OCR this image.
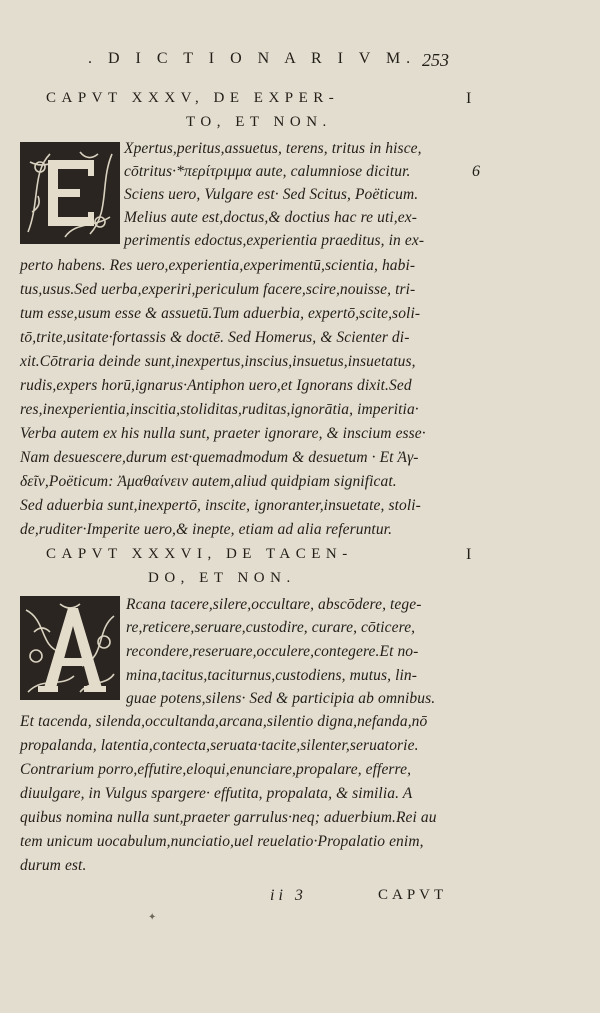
. D I C T I O N A R I V M. 253
CAPVT XXXV, DE EXPER-	I
TO, ET NON.
Xpertus,peritus,assuetus, terens, tritus in hisce,
cōtritus·*περίτριμμα aute, calumniose dicitur.	6
Sciens uero, Vulgare est· Sed Scitus, Poëticum.
Melius aute est,doctus,& doctius hac re uti,ex-
perimentis edoctus,experientia praeditus, in ex-
perto habens. Res uero,experientia,experimentū,scientia, habi-
tus,usus.Sed uerba,experiri,periculum facere,scire,nouisse, tri-
tum esse,usum esse & assuetū.Tum aduerbia, expertō,scite,soli-
tō,trite,usitate·fortassis & doctē. Sed Homerus, & Scienter di-
xit.Cōtraria deinde sunt,inexpertus,inscius,insuetus,insuetatus,
rudis,expers horū,ignarus·Antiphon uero,et Ignorans dixit.Sed
res,inexperientia,inscitia,stoliditas,ruditas,ignorātia, imperitia·
Verba autem ex his nulla sunt, praeter ignorare, & inscium esse·
Nam desuescere,durum est·quemadmodum & desuetum · Et Ἀγ-
δεῖν,Poëticum: Ἀμαθαίνειν autem,aliud quidpiam significat.
Sed aduerbia sunt,inexpertō, inscite, ignoranter,insuetate, stoli-
de,ruditer·Imperite uero,& inepte, etiam ad alia referuntur.
CAPVT XXXVI, DE TACEN-	I
DO, ET NON.
Rcana tacere,silere,occultare, abscōdere, tege-
re,reticere,seruare,custodire, curare, cōticere,
recondere,reseruare,occulere,contegere.Et no-
mina,tacitus,taciturnus,custodiens, mutus, lin-
guae potens,silens· Sed & participia ab omnibus.
Et tacenda, silenda,occultanda,arcana,silentio digna,nefanda,nō
propalanda, latentia,contecta,seruata·tacite,silenter,seruatorie.
Contrarium porro,effutire,eloqui,enunciare,propalare, efferre,
diuulgare, in Vulgus spargere· effutita, propalata, & similia. A
quibus nomina nulla sunt,praeter garrulus·neq; aduerbium.Rei au
tem unicum uocabulum,nunciatio,uel reuelatio·Propalatio enim,
durum est.
ii 3	CAPVT
✦
